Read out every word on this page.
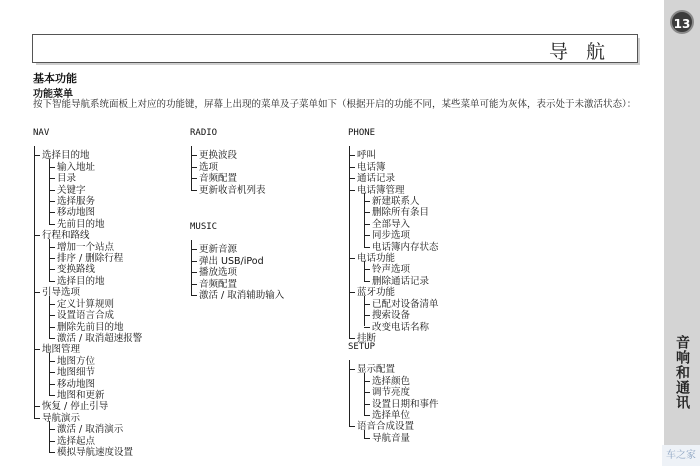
导 航
13
音响和通讯
车之家
基本功能
功能菜单
按下智能导航系统面板上对应的功能键，屏幕上出现的菜单及子菜单如下（根据开启的功能不同，某些菜单可能为灰体，表示处于未激活状态）：
NAV
选择目的地
输入地址
目录
关键字
选择服务
移动地图
先前目的地
行程和路线
增加一个站点
排序 / 删除行程
变换路线
选择目的地
引导选项
定义计算规则
设置语言合成
删除先前目的地
激活 / 取消超速报警
地图管理
地图方位
地图细节
移动地图
地图和更新
恢复 / 停止引导
导航演示
激活 / 取消演示
选择起点
模拟导航速度设置
RADIO
更换波段
选项
音频配置
更新收音机列表
MUSIC
更新音源
弹出 USB/iPod
播放选项
音频配置
激活 / 取消辅助输入
PHONE
呼叫
电话簿
通话记录
电话簿管理
新建联系人
删除所有条目
全部导入
同步选项
电话簿内存状态
电话功能
铃声选项
删除通话记录
蓝牙功能
已配对设备清单
搜索设备
改变电话名称
挂断
SETUP
显示配置
选择颜色
调节亮度
设置日期和事件
选择单位
语音合成设置
导航音量
